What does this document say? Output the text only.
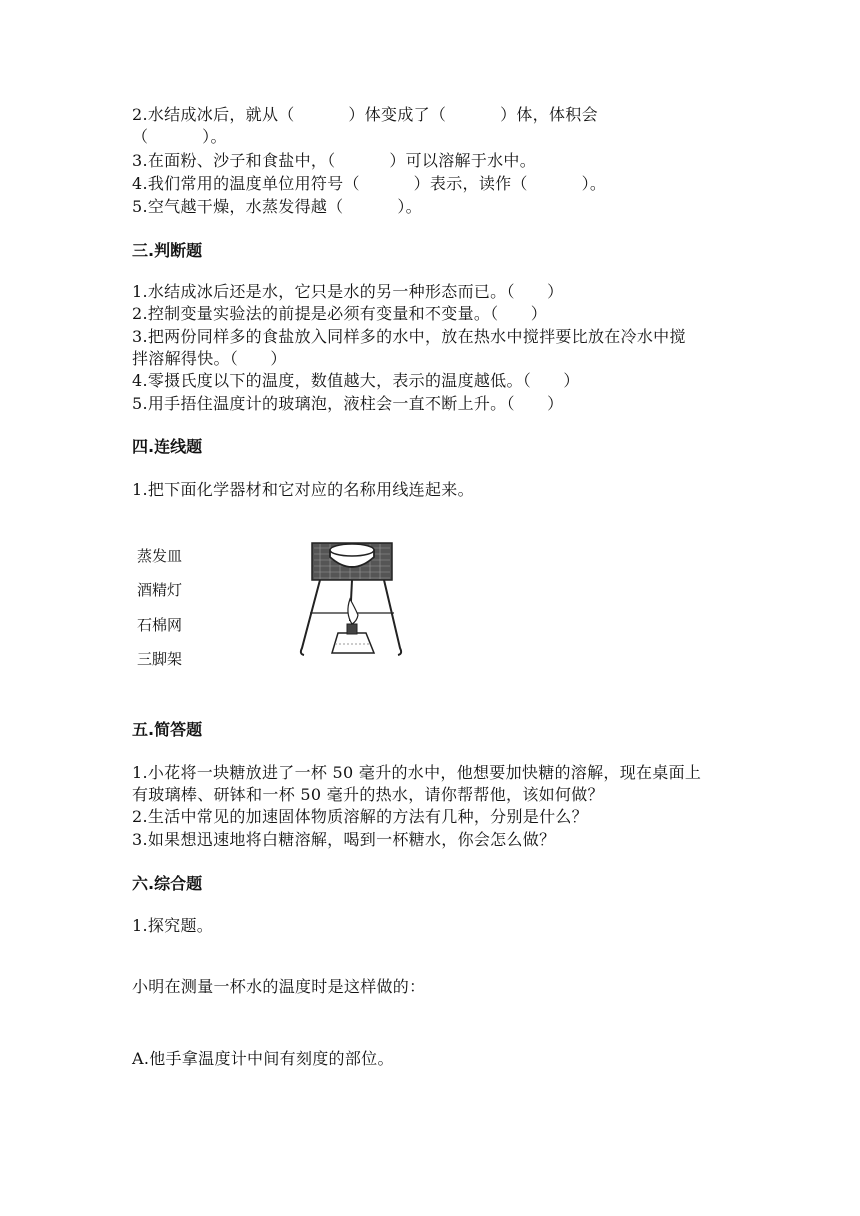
2.水结成冰后，就从（          ）体变成了（          ）体，体积会

（          ）。

3.在面粉、沙子和食盐中，（          ）可以溶解于水中。

4.我们常用的温度单位用符号（          ）表示，读作（          ）。

5.空气越干燥，水蒸发得越（          ）。

三.判断题

1.水结成冰后还是水，它只是水的另一种形态而已。（      ）

2.控制变量实验法的前提是必须有变量和不变量。（      ）

3.把两份同样多的食盐放入同样多的水中，放在热水中搅拌要比放在冷水中搅

拌溶解得快。（      ）

4.零摄氏度以下的温度，数值越大，表示的温度越低。（      ）

5.用手捂住温度计的玻璃泡，液柱会一直不断上升。（      ）

四.连线题

1.把下面化学器材和它对应的名称用线连起来。

蒸发皿
酒精灯
石棉网
三脚架
五.简答题

1.小花将一块糖放进了一杯 50 毫升的水中，他想要加快糖的溶解，现在桌面上

有玻璃棒、研钵和一杯 50 毫升的热水，请你帮帮他，该如何做？

2.生活中常见的加速固体物质溶解的方法有几种，分别是什么？

3.如果想迅速地将白糖溶解，喝到一杯糖水，你会怎么做？

六.综合题

1.探究题。

小明在测量一杯水的温度时是这样做的：

A.他手拿温度计中间有刻度的部位。
